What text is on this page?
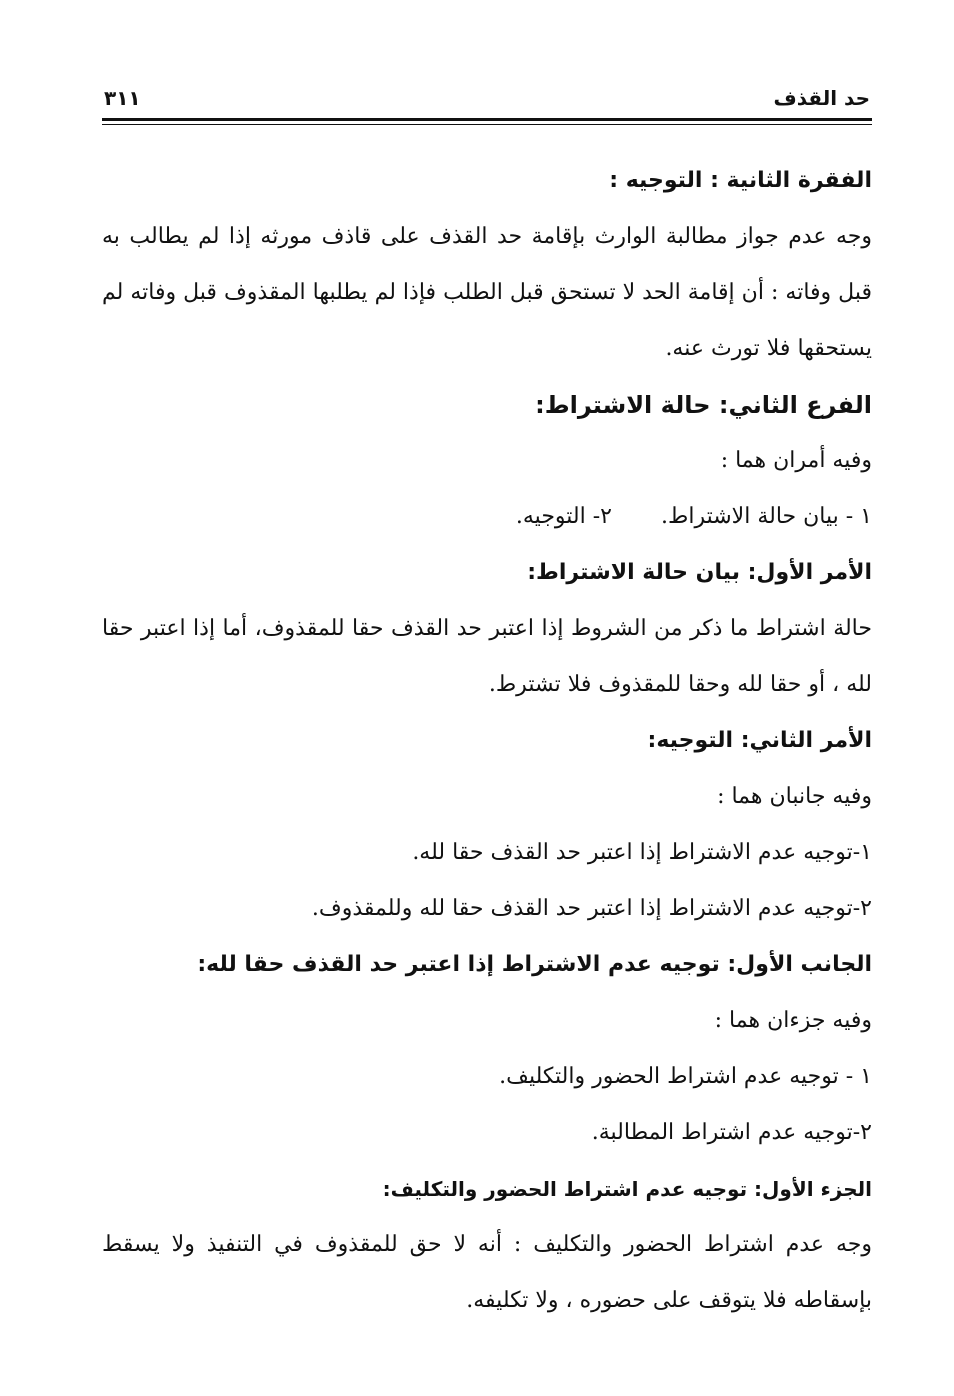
حد القذف
٣١١
الفقرة الثانية : التوجيه :
وجه عدم جواز مطالبة الوارث بإقامة حد القذف على قاذف مورثه إذا لم يطالب به قبل وفاته : أن إقامة الحد لا تستحق قبل الطلب فإذا لم يطلبها المقذوف قبل وفاته لم يستحقها فلا تورث عنه.
الفرع الثاني: حالة الاشتراط:
وفيه أمران هما :
١ - بيان حالة الاشتراط.
٢- التوجيه.
الأمر الأول: بيان حالة الاشتراط:
حالة اشتراط ما ذكر من الشروط إذا اعتبر حد القذف حقا للمقذوف، أما إذا اعتبر حقا لله ، أو حقا لله وحقا للمقذوف فلا تشترط.
الأمر الثاني: التوجيه:
وفيه جانبان هما :
١-توجيه عدم الاشتراط إذا اعتبر حد القذف حقا لله.
٢-توجيه عدم الاشتراط إذا اعتبر حد القذف حقا لله وللمقذوف.
الجانب الأول: توجيه عدم الاشتراط إذا اعتبر حد القذف حقا لله:
وفيه جزءان هما :
١ - توجيه عدم اشتراط الحضور والتكليف.
٢-توجيه عدم اشتراط المطالبة.
الجزء الأول: توجيه عدم اشتراط الحضور والتكليف:
وجه عدم اشتراط الحضور والتكليف : أنه لا حق للمقذوف في التنفيذ ولا يسقط بإسقاطه فلا يتوقف على حضوره ، ولا تكليفه.
